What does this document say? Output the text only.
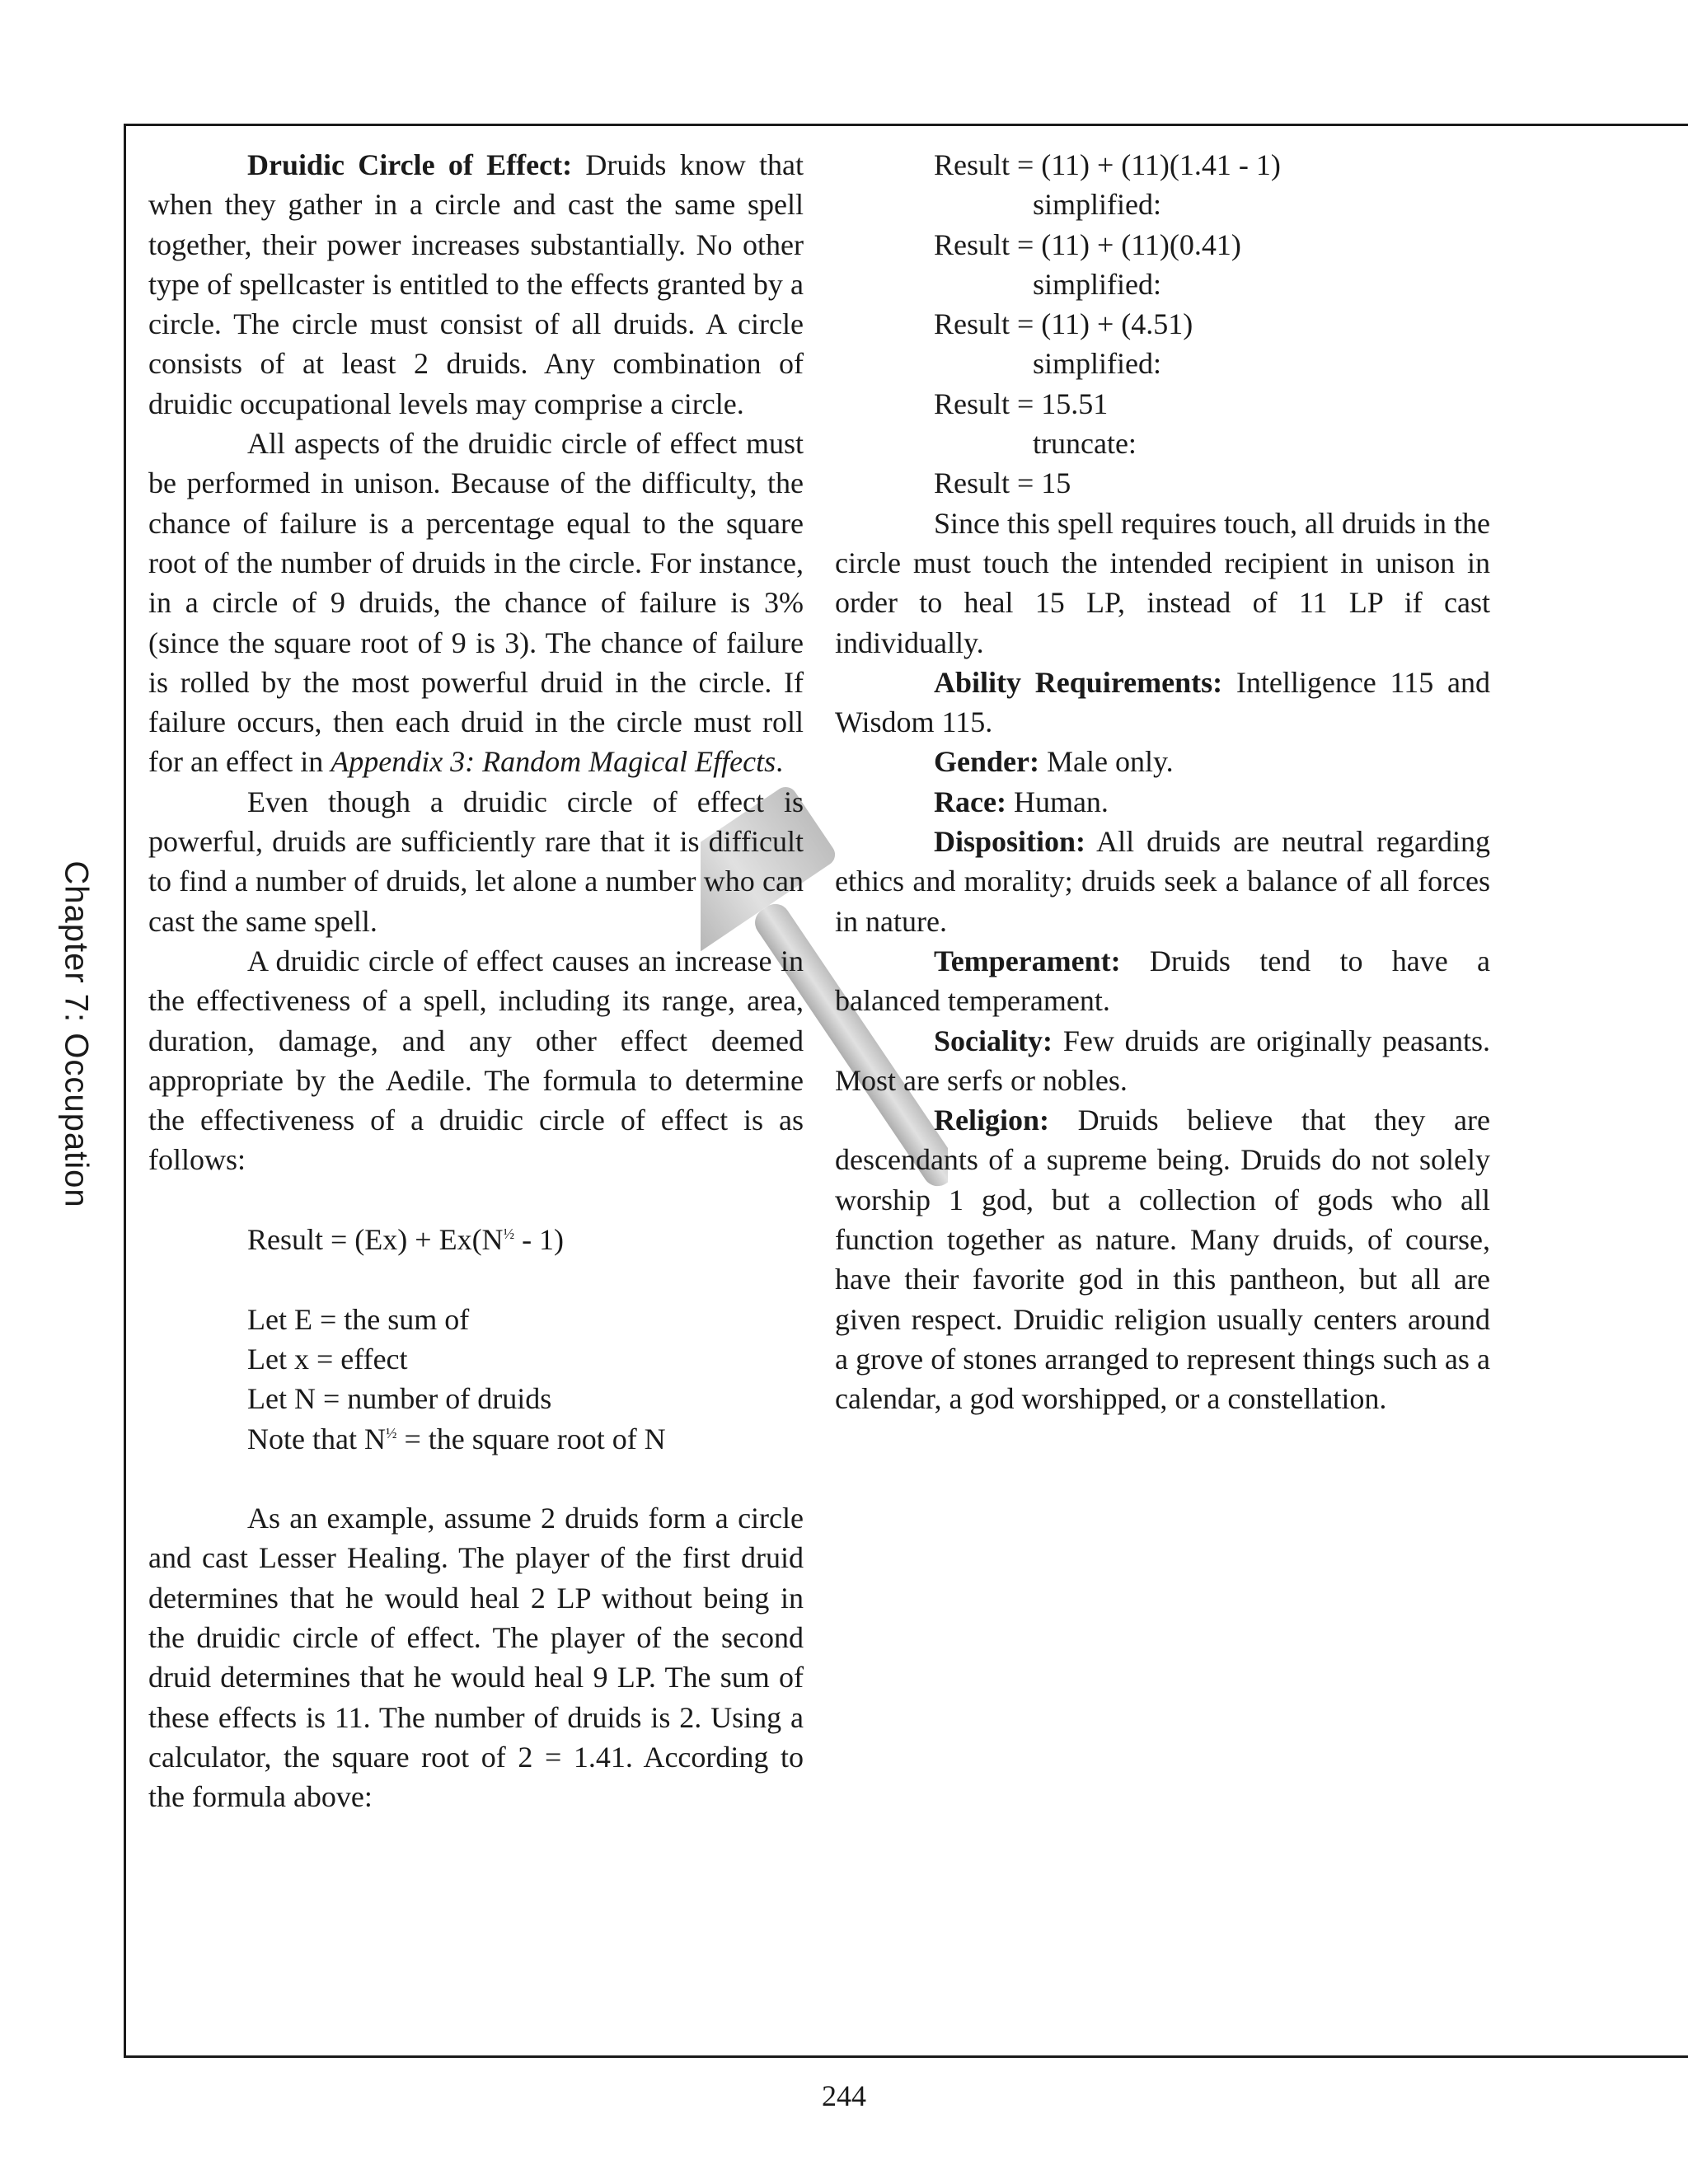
Chapter 7: Occupation

Druidic Circle of Effect: Druids know that when they gather in a circle and cast the same spell together, their power increases substantially. No other type of spellcaster is entitled to the effects granted by a circle. The circle must consist of all druids. A circle consists of at least 2 druids. Any combination of druidic occupational levels may comprise a circle.

All aspects of the druidic circle of effect must be performed in unison. Because of the difficulty, the chance of failure is a percentage equal to the square root of the number of druids in the circle. For instance, in a circle of 9 druids, the chance of failure is 3% (since the square root of 9 is 3). The chance of failure is rolled by the most powerful druid in the circle. If failure occurs, then each druid in the circle must roll for an effect in Appendix 3: Random Magical Effects.

Even though a druidic circle of effect is powerful, druids are sufficiently rare that it is difficult to find a number of druids, let alone a number who can cast the same spell.

A druidic circle of effect causes an increase in the effectiveness of a spell, including its range, area, duration, damage, and any other effect deemed appropriate by the Aedile. The formula to determine the effectiveness of a druidic circle of effect is as follows:

Result = $(Ex) + Ex(N^{\frac{1}{2}} - 1)$

Let E = the sum of

Let x = effect

Let N = number of druids

Note that $N^{\frac{1}{2}}$ = the square root of N

As an example, assume 2 druids form a circle and cast Lesser Healing. The player of the first druid determines that he would heal 2 LP without being in the druidic circle of effect. The player of the second druid determines that he would heal 9 LP. The sum of these effects is 11. The number of druids is 2. Using a calculator, the square root of 2 = 1.41. According to the formula above:

Result = (11) + (11)(1.41 - 1)

simplified:

Result = (11) + (11)(0.41)

simplified:

Result = (11) + (4.51)

simplified:

Result = 15.51

truncate:

Result = 15

Since this spell requires touch, all druids in the circle must touch the intended recipient in unison in order to heal 15 LP, instead of 11 LP if cast individually.

Ability Requirements: Intelligence 115 and Wisdom 115.

Gender: Male only.

Race: Human.

Disposition: All druids are neutral regarding ethics and morality; druids seek a balance of all forces in nature.

Temperament: Druids tend to have a balanced temperament.

Sociality: Few druids are originally peasants. Most are serfs or nobles.

Religion: Druids believe that they are descendants of a supreme being. Druids do not solely worship 1 god, but a collection of gods who all function together as nature. Many druids, of course, have their favorite god in this pantheon, but all are given respect. Druidic religion usually centers around a grove of stones arranged to represent things such as a calendar, a god worshipped, or a constellation.

244
